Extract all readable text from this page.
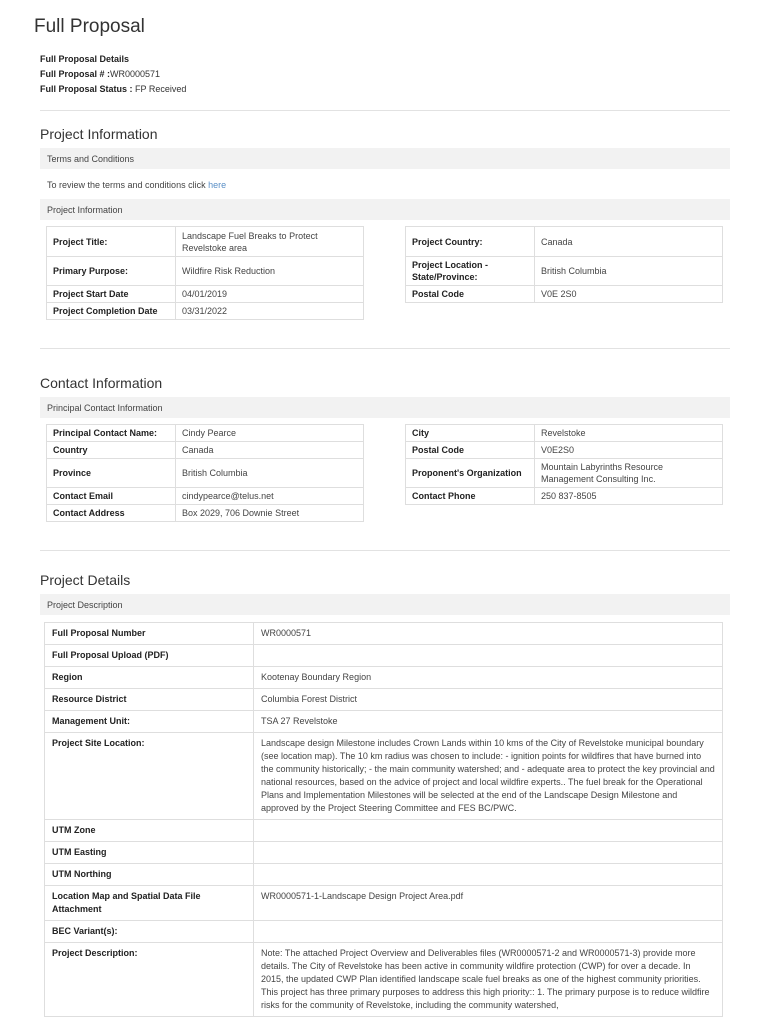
Full Proposal
Full Proposal Details
Full Proposal # :WR0000571
Full Proposal Status : FP Received
Project Information
Terms and Conditions
To review the terms and conditions click here
Project Information
Project Title:	Landscape Fuel Breaks to Protect Revelstoke area
Primary Purpose:	Wildfire Risk Reduction
Project Start Date	04/01/2019
Project Completion Date	03/31/2022
Project Country:	Canada
Project Location - State/Province:	British Columbia
Postal Code	V0E 2S0
Contact Information
Principal Contact Information
Principal Contact Name:	Cindy Pearce
Country	Canada
Province	British Columbia
Contact Email	cindypearce@telus.net
Contact Address	Box 2029, 706 Downie Street
City	Revelstoke
Postal Code	V0E2S0
Proponent's Organization	Mountain Labyrinths Resource Management Consulting Inc.
Contact Phone	250 837-8505
Project Details
Project Description
Full Proposal Number	WR0000571
Full Proposal Upload (PDF)	
Region	Kootenay Boundary Region
Resource District	Columbia Forest District
Management Unit:	TSA 27 Revelstoke
Project Site Location:	Landscape design Milestone includes Crown Lands within 10 kms of the City of Revelstoke municipal boundary (see location map). The 10 km radius was chosen to include: - ignition points for wildfires that have burned into the community historically; - the main community watershed; and - adequate area to protect the key provincial and national resources, based on the advice of project and local wildfire experts.. The fuel break for the Operational Plans and Implementation Milestones will be selected at the end of the Landscape Design Milestone and approved by the Project Steering Committee and FES BC/PWC.
UTM Zone	
UTM Easting	
UTM Northing	
Location Map and Spatial Data File Attachment	WR0000571-1-Landscape Design Project Area.pdf
BEC Variant(s):	
Project Description:	Note: The attached Project Overview and Deliverables files (WR0000571-2 and WR0000571-3) provide more details. The City of Revelstoke has been active in community wildfire protection (CWP) for over a decade. In 2015, the updated CWP Plan identified landscape scale fuel breaks as one of the highest community priorities. This project has three primary purposes to address this high priority:: 1. The primary purpose is to reduce wildfire risks for the community of Revelstoke, including the community watershed,
